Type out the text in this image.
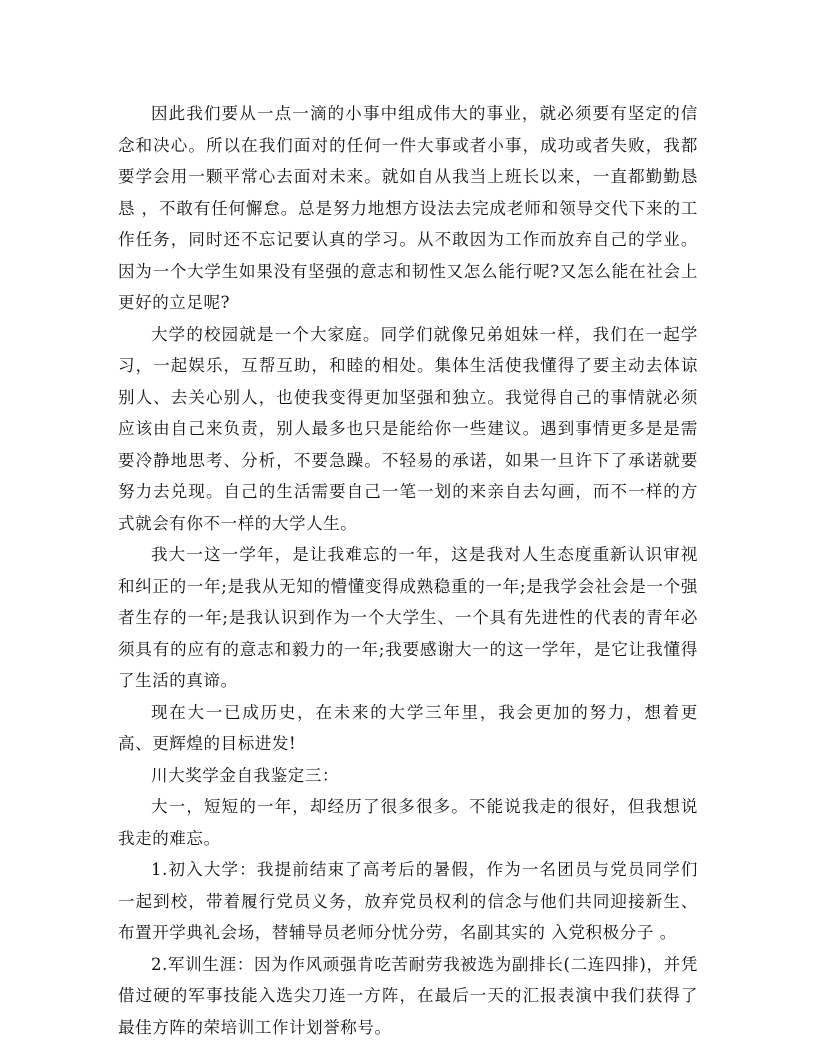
因此我们要从一点一滴的小事中组成伟大的事业，就必须要有坚定的信念和决心。所以在我们面对的任何一件大事或者小事，成功或者失败，我都要学会用一颗平常心去面对未来。就如自从我当上班长以来，一直都勤勤恳恳 ，不敢有任何懈怠。总是努力地想方设法去完成老师和领导交代下来的工作任务，同时还不忘记要认真的学习。从不敢因为工作而放弃自己的学业。因为一个大学生如果没有坚强的意志和韧性又怎么能行呢?又怎么能在社会上更好的立足呢?

大学的校园就是一个大家庭。同学们就像兄弟姐妹一样，我们在一起学习，一起娱乐，互帮互助，和睦的相处。集体生活使我懂得了要主动去体谅别人、去关心别人，也使我变得更加坚强和独立。我觉得自己的事情就必须应该由自己来负责，别人最多也只是能给你一些建议。遇到事情更多是是需要冷静地思考、分析，不要急躁。不轻易的承诺，如果一旦许下了承诺就要努力去兑现。自己的生活需要自己一笔一划的来亲自去勾画，而不一样的方式就会有你不一样的大学人生。

我大一这一学年，是让我难忘的一年，这是我对人生态度重新认识审视和纠正的一年;是我从无知的懵懂变得成熟稳重的一年;是我学会社会是一个强者生存的一年;是我认识到作为一个大学生、一个具有先进性的代表的青年必须具有的应有的意志和毅力的一年;我要感谢大一的这一学年，是它让我懂得了生活的真谛。

现在大一已成历史，在未来的大学三年里，我会更加的努力，想着更高、更辉煌的目标进发!

川大奖学金自我鉴定三：

大一，短短的一年，却经历了很多很多。不能说我走的很好，但我想说我走的难忘。

1.初入大学：我提前结束了高考后的暑假，作为一名团员与党员同学们一起到校，带着履行党员义务，放弃党员权利的信念与他们共同迎接新生、布置开学典礼会场，替辅导员老师分忧分劳，名副其实的 入党积极分子 。

2.军训生涯：因为作风顽强肯吃苦耐劳我被选为副排长(二连四排)，并凭借过硬的军事技能入选尖刀连一方阵，在最后一天的汇报表演中我们获得了最佳方阵的荣培训工作计划誉称号。
